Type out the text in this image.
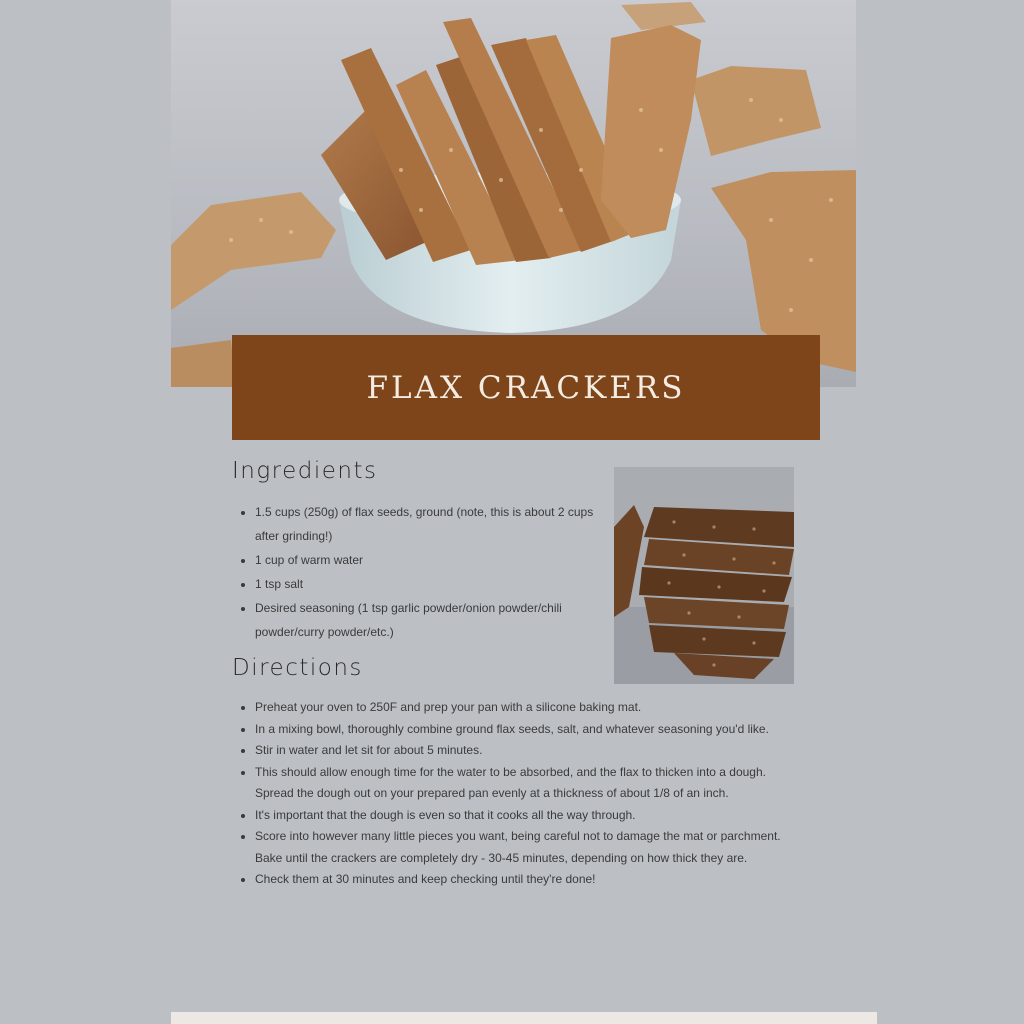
FLAX CRACKERS
Ingredients
• 1.5 cups (250g) of flax seeds, ground (note, this is about 2 cups after grinding!)
• 1 cup of warm water
• 1 tsp salt
• Desired seasoning (1 tsp garlic powder/onion powder/chili powder/curry powder/etc.)
Directions
• Preheat your oven to 250F and prep your pan with a silicone baking mat.
• In a mixing bowl, thoroughly combine ground flax seeds, salt, and whatever seasoning you'd like.
• Stir in water and let sit for about 5 minutes.
• This should allow enough time for the water to be absorbed, and the flax to thicken into a dough. Spread the dough out on your prepared pan evenly at a thickness of about 1/8 of an inch.
• It's important that the dough is even so that it cooks all the way through.
• Score into however many little pieces you want, being careful not to damage the mat or parchment. Bake until the crackers are completely dry - 30-45 minutes, depending on how thick they are.
• Check them at 30 minutes and keep checking until they're done!
